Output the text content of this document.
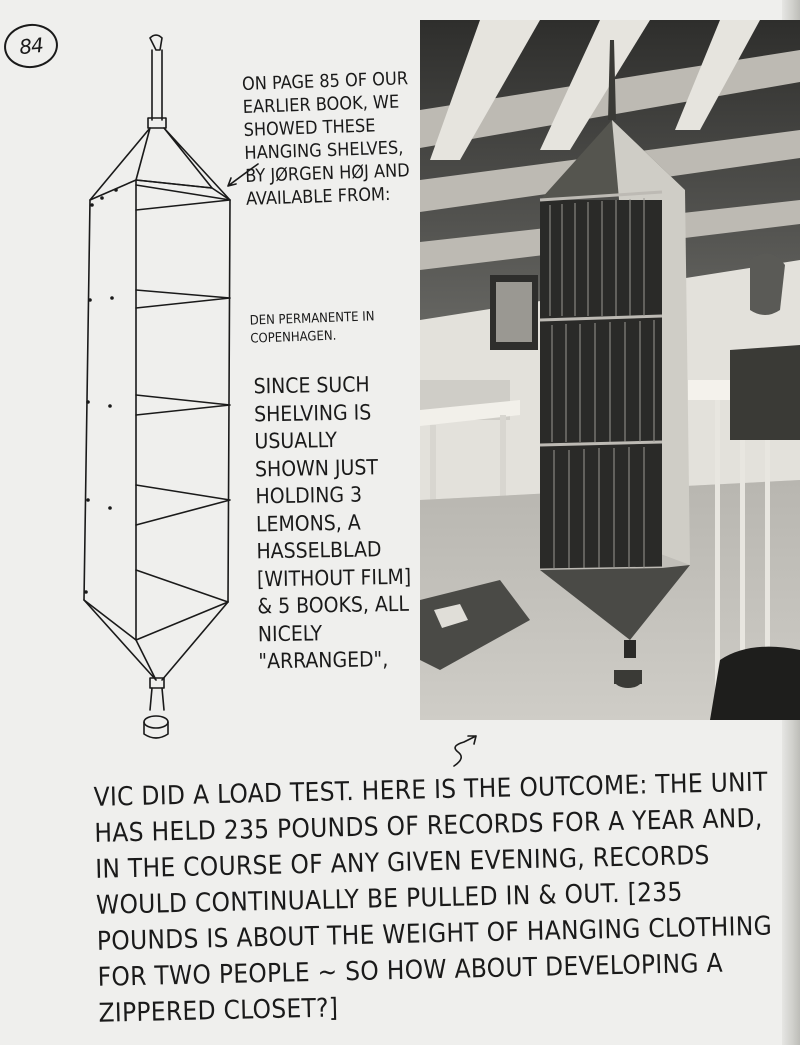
84

ON PAGE 85 OF OUR EARLIER BOOK, WE SHOWED THESE HANGING SHELVES, BY JØRGEN HØJ AND AVAILABLE FROM:

DEN PERMANENTE IN COPENHAGEN.

SINCE SUCH SHELVING IS USUALLY SHOWN JUST HOLDING 3 LEMONS, A HASSELBLAD [WITHOUT FILM] & 5 BOOKS, ALL NICELY "ARRANGED",

VIC DID A LOAD TEST. HERE IS THE OUTCOME: THE UNIT HAS HELD 235 POUNDS OF RECORDS FOR A YEAR AND, IN THE COURSE OF ANY GIVEN EVENING, RECORDS WOULD CONTINUALLY BE PULLED IN & OUT. [235 POUNDS IS ABOUT THE WEIGHT OF HANGING CLOTHING FOR TWO PEOPLE ~ SO HOW ABOUT DEVELOPING A ZIPPERED CLOSET?]
